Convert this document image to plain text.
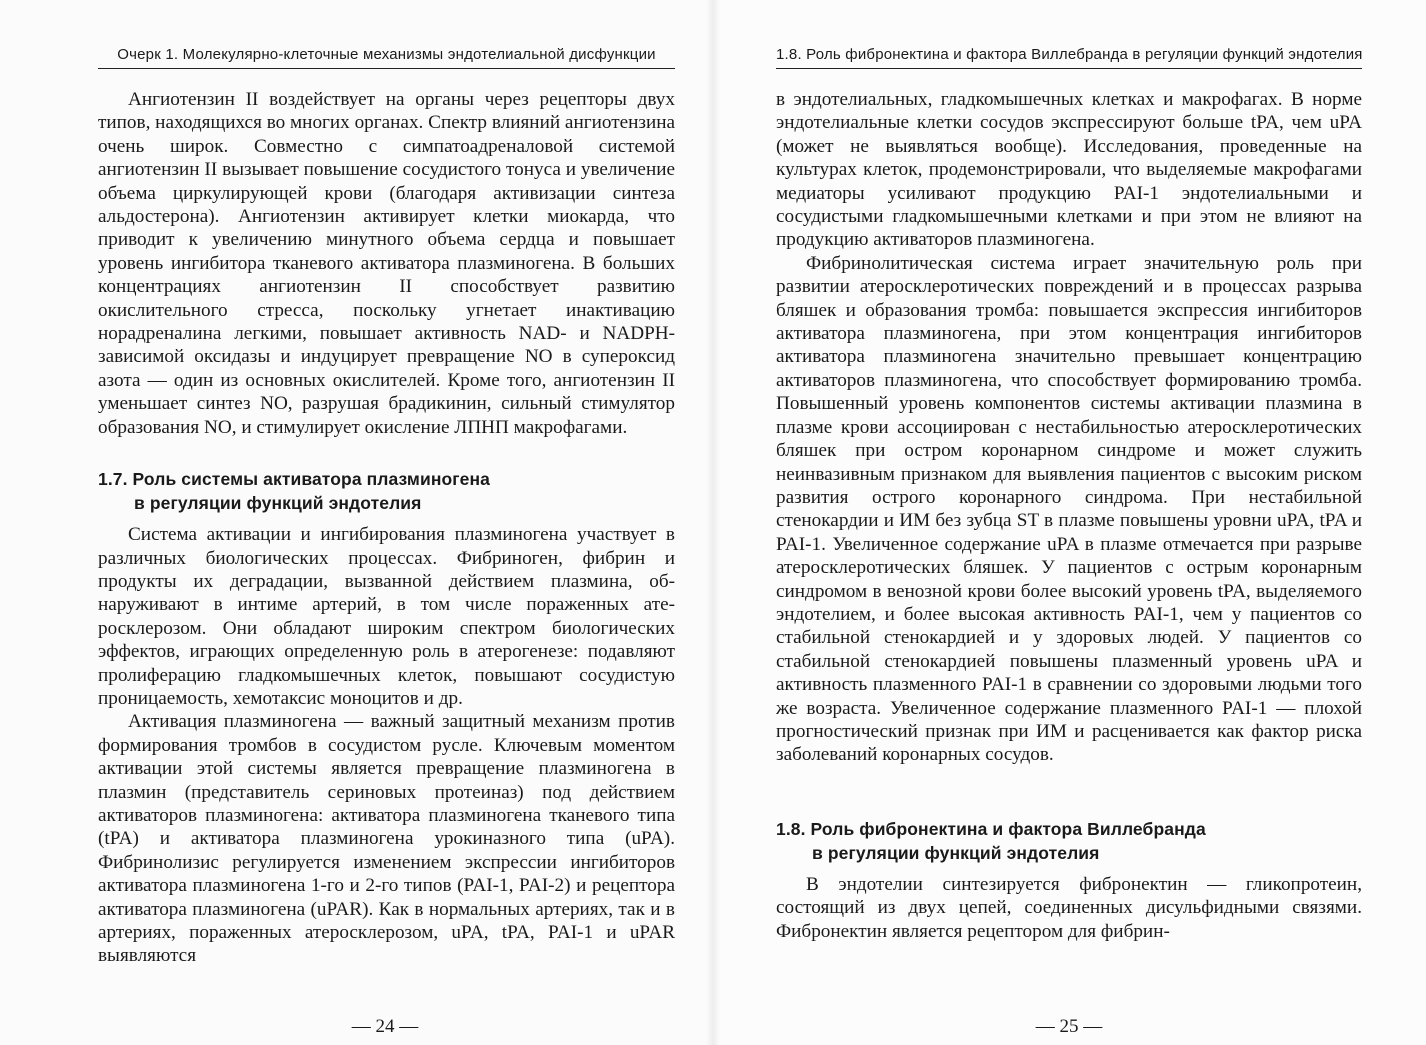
Очерк 1. Молекулярно-клеточные механизмы эндотелиальной дисфункции

Ангиотензин II воздействует на органы через рецепторы двух типов, находящихся во многих органах. Спектр влияний ангиотензина очень широк. Совместно с симпатоадреналовой системой ангиотензин II вызывает повышение сосудистого тонуса и увеличение объема циркулирующей крови (благодаря активизации синтеза альдостерона). Ангиотензин активирует клетки миокарда, что приводит к увеличению минутного объема сердца и повышает уровень ингибитора тканевого активатора плазминогена. В больших концентрациях ангиотензин II способствует развитию окислительного стресса, поскольку угнетает инактивацию норадреналина легкими, повышает активность NAD- и NADPH-зависимой оксидазы и индуцирует превращение NO в супероксид азота — один из основных окислителей. Кроме того, ангиотензин II уменьшает синтез NO, разрушая брадикинин, сильный стимулятор образования NO, и стимулирует окисление ЛПНП макрофагами.

1.7. Роль системы активатора плазминогена
в регуляции функций эндотелия

Система активации и ингибирования плазминогена участвует в различных биологических процессах. Фибриноген, фибрин и продукты их деградации, вызванной действием плазмина, обнаруживают в интиме артерий, в том числе пораженных атеросклерозом. Они обладают широким спектром биологических эффектов, играющих определенную роль в атерогенезе: подавляют пролиферацию гладкомышечных клеток, повышают сосудистую проницаемость, хемотаксис моноцитов и др.

Активация плазминогена — важный защитный механизм против формирования тромбов в сосудистом русле. Ключевым моментом активации этой системы является превращение плазминогена в плазмин (представитель сериновых протеиназ) под действием активаторов плазминогена: активатора плазминогена тканевого типа (tPA) и активатора плазминогена урокиназного типа (uPA). Фибринолизис регулируется изменением экспрессии ингибиторов активатора плазминогена 1-го и 2-го типов (PAI-1, PAI-2) и рецептора активатора плазминогена (uPAR). Как в нормальных артериях, так и в артериях, пораженных атеросклерозом, uPA, tPA, PAI-1 и uPAR выявляются

— 24 —
1.8. Роль фибронектина и фактора Виллебранда в регуляции функций эндотелия

в эндотелиальных, гладкомышечных клетках и макрофагах. В норме эндотелиальные клетки сосудов экспрессируют больше tPA, чем uPA (может не выявляться вообще). Исследования, проведенные на культурах клеток, продемонстрировали, что выделяемые макрофагами медиаторы усиливают продукцию PAI-1 эндотелиальными и сосудистыми гладкомышечными клетками и при этом не влияют на продукцию активаторов плазминогена.

Фибринолитическая система играет значительную роль при развитии атеросклеротических повреждений и в процессах разрыва бляшек и образования тромба: повышается экспрессия ингибиторов активатора плазминогена, при этом концентрация ингибиторов активатора плазминогена значительно превышает концентрацию активаторов плазминогена, что способствует формированию тромба. Повышенный уровень компонентов системы активации плазмина в плазме крови ассоциирован с нестабильностью атеросклеротических бляшек при остром коронарном синдроме и может служить неинвазивным признаком для выявления пациентов с высоким риском развития острого коронарного синдрома. При нестабильной стенокардии и ИМ без зубца ST в плазме повышены уровни uPA, tPA и PAI-1. Увеличенное содержание uPA в плазме отмечается при разрыве атеросклеротических бляшек. У пациентов с острым коронарным синдромом в венозной крови более высокий уровень tPA, выделяемого эндотелием, и более высокая активность PAI-1, чем у пациентов со стабильной стенокардией и у здоровых людей. У пациентов со стабильной стенокардией повышены плазменный уровень uPA и активность плазменного PAI-1 в сравнении со здоровыми людьми того же возраста. Увеличенное содержание плазменного PAI-1 — плохой прогностический признак при ИМ и расценивается как фактор риска заболеваний коронарных сосудов.

1.8. Роль фибронектина и фактора Виллебранда
в регуляции функций эндотелия

В эндотелии синтезируется фибронектин — гликопротеин, состоящий из двух цепей, соединенных дисульфидными связями. Фибронектин является рецептором для фибрин-

— 25 —
